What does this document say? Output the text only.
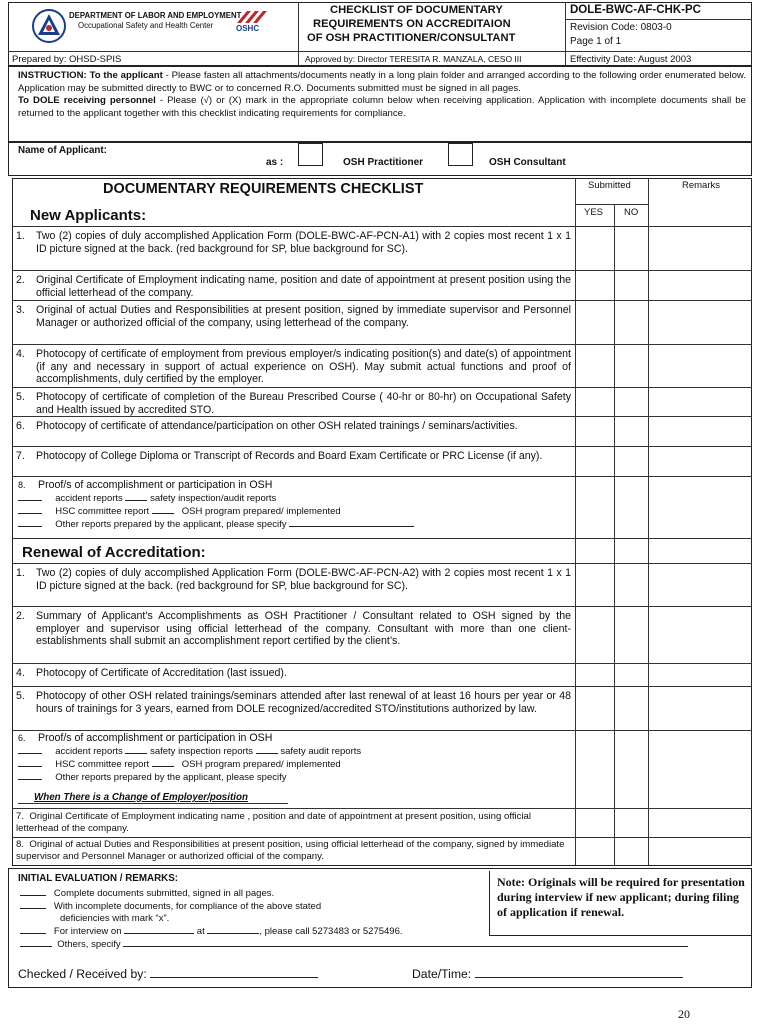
DEPARTMENT OF LABOR AND EMPLOYMENT
Occupational Safety and Health Center	OSHC
CHECKLIST OF DOCUMENTARY
REQUIREMENTS ON ACCREDITAION
OF OSH PRACTITIONER/CONSULTANT
DOLE-BWC-AF-CHK-PC
Revision Code: 0803-0
Page 1 of 1
Prepared by: OHSD-SPIS	Approved by: Director TERESITA R. MANZALA, CESO III	Effectivity Date: August 2003
INSTRUCTION: To the applicant - Please fasten all attachments/documents neatly in a long plain folder and arranged according to the following order enumerated below. Application may be submitted directly to BWC or to concerned R.O. Documents submitted must be signed in all pages.
To DOLE receiving personnel - Please (√) or (X) mark in the appropriate column below when receiving application. Application with incomplete documents shall be returned to the applicant together with this checklist indicating requirements for compliance.
Name of Applicant:
as :	OSH Practitioner	OSH Consultant
DOCUMENTARY REQUIREMENTS CHECKLIST	Submitted	Remarks
YES NO
New Applicants:
1.	Two (2) copies of duly accomplished Application Form (DOLE-BWC-AF-PCN-A1) with 2 copies most recent 1 x 1 ID picture signed at the back. (red background for SP, blue background for SC).
2.	Original Certificate of Employment indicating name, position and date of appointment at present position using the official letterhead of the company.
3.	Original of actual Duties and Responsibilities at present position, signed by immediate supervisor and Personnel Manager or authorized official of the company, using letterhead of the company.
4.	Photocopy of certificate of employment from previous employer/s indicating position(s) and date(s) of appointment (if any and necessary in support of actual experience on OSH). May submit actual functions and proof of accomplishments, duly certified by the employer.
5.	Photocopy of certificate of completion of the Bureau Prescribed Course ( 40-hr or 80-hr) on Occupational Safety and Health issued by accredited STO.
6.	Photocopy of certificate of attendance/participation on other OSH related trainings / seminars/activities.
7.	Photocopy of College Diploma or Transcript of Records and Board Exam Certificate or PRC License (if any).
8. Proof/s of accomplishment or participation in OSH
accident reports	safety inspection/audit reports
HSC committee report	OSH program prepared/ implemented
Other reports prepared by the applicant, please specify
Renewal of Accreditation:
1.	Two (2) copies of duly accomplished Application Form (DOLE-BWC-AF-PCN-A2) with 2 copies most recent 1 x 1 ID picture signed at the back. (red background for SP, blue background for SC).
2.	Summary of Applicant’s Accomplishments as OSH Practitioner / Consultant related to OSH signed by the employer and supervisor using official letterhead of the company. Consultant with more than one client- establishments shall submit an accomplishment report certified by the client’s.
4.	Photocopy of Certificate of Accreditation (last issued).
5.	Photocopy of other OSH related trainings/seminars attended after last renewal of at least 16 hours per year or 48 hours of trainings for 3 years, earned from DOLE recognized/accredited STO/institutions authorized by law.
6. Proof/s of accomplishment or participation in OSH
accident reports	safety inspection reports	safety audit reports
HSC committee report	OSH program prepared/ implemented
Other reports prepared by the applicant, please specify
When There is a Change of Employer/position
7. Original Certificate of Employment indicating name , position and date of appointment at present position, using official letterhead of the company.
8. Original of actual Duties and Responsibilities at present position, using official letterhead of the company, signed by immediate supervisor and Personnel Manager or authorized official of the company.
INITIAL EVALUATION / REMARKS:
Complete documents submitted, signed in all pages.
With incomplete documents, for compliance of the above stated
deficiencies with mark “x”.
For interview on	at	, please call 5273483 or 5275496.
Others, specify
Note: Originals will be required for presentation during interview if new applicant; during filing of application if renewal.
Checked / Received by:	Date/Time:
20
